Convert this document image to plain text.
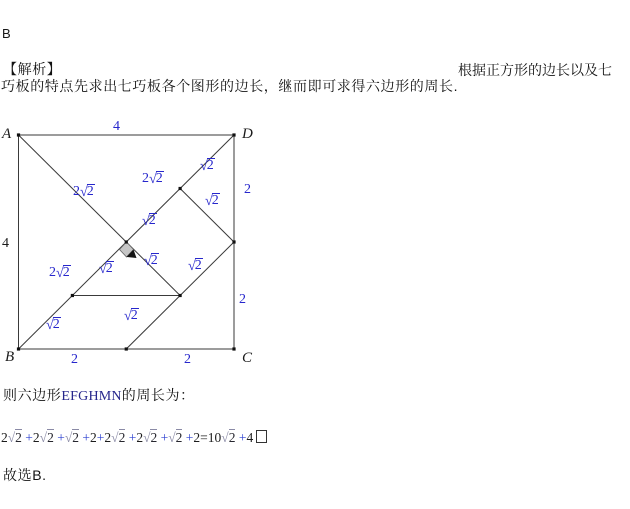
B
【解析】	根据正方形的边长以及七
巧板的特点先求出七巧板各个图形的边长，继而即可求得六边形的周长.
A	D
B	C
4
4
2
2
2	2
2√2
2√2
√2
√2
√2
√2
√2
2√2	√2
√2
√2
则六边形EFGHMN的周长为：
2√2 +2√2 +√2 +2+2√2 +2√2 +√2 +2=10√2 +4
故选B.
